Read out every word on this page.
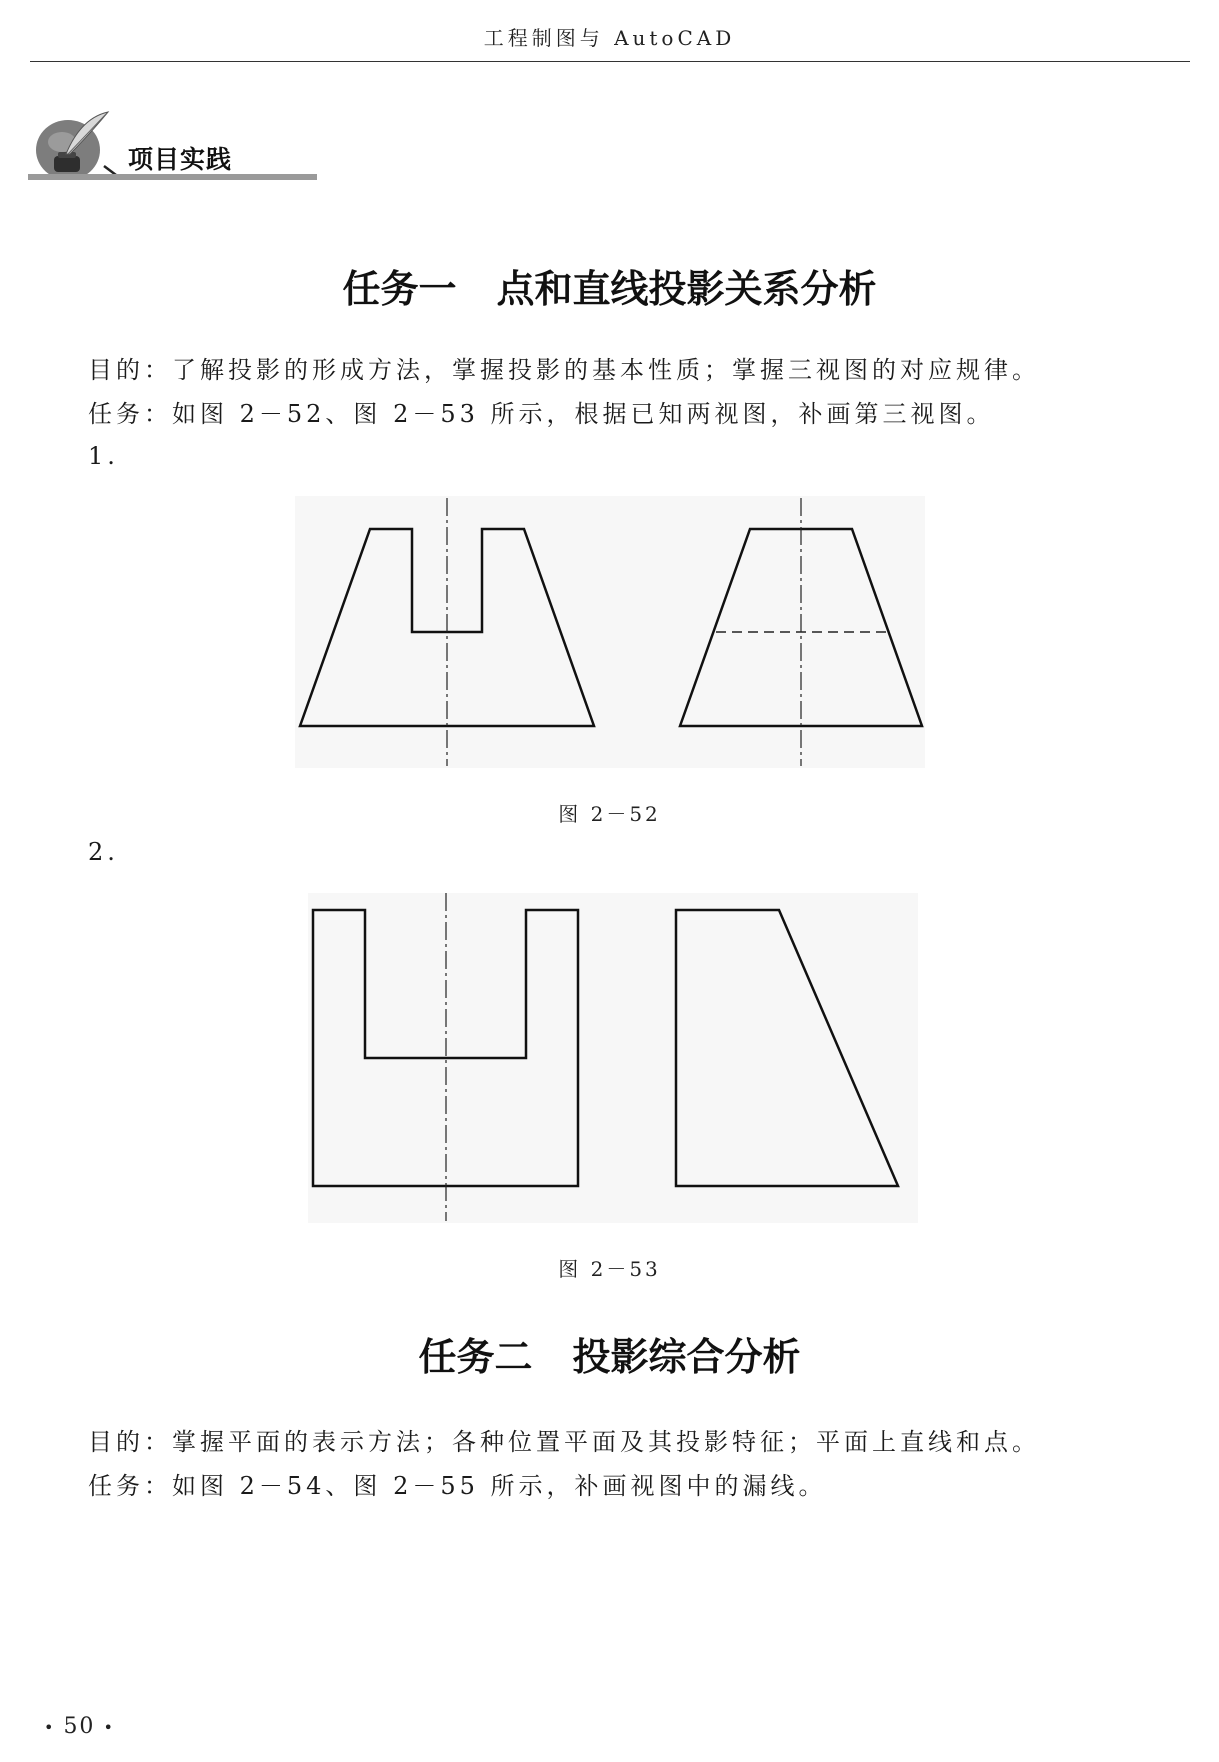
工程制图与 AutoCAD
项目实践
任务一 点和直线投影关系分析
目的：了解投影的形成方法，掌握投影的基本性质；掌握三视图的对应规律。
任务：如图 2－52、图 2－53 所示，根据已知两视图，补画第三视图。
1.
图 2－52
2.
图 2－53
任务二 投影综合分析
目的：掌握平面的表示方法；各种位置平面及其投影特征；平面上直线和点。
任务：如图 2－54、图 2－55 所示，补画视图中的漏线。
• 50 •
